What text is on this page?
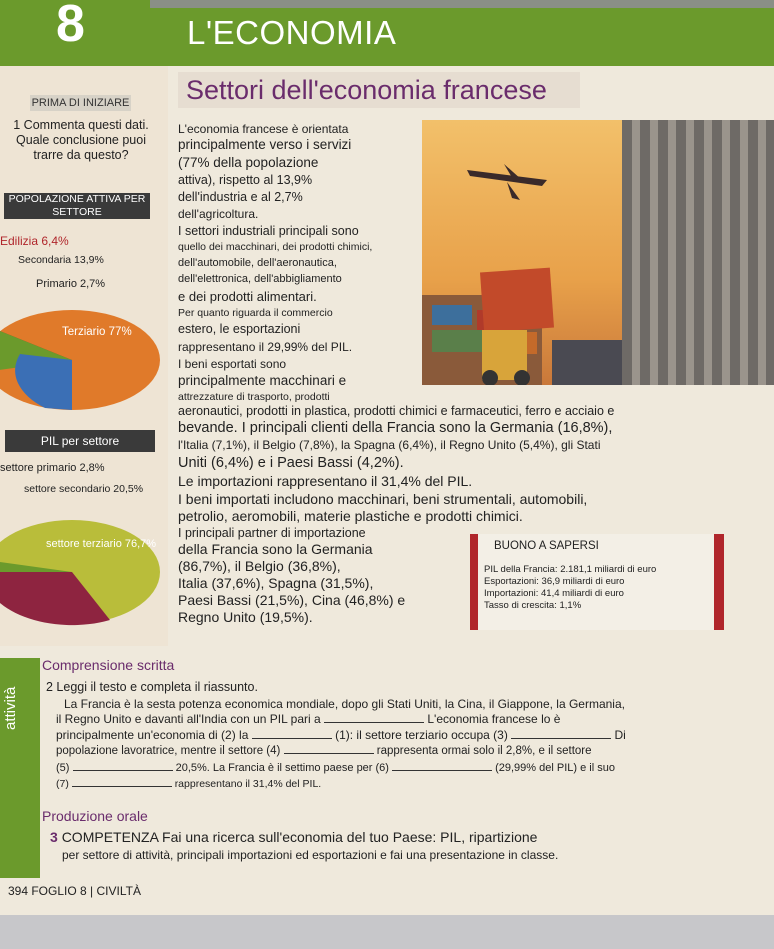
8	L'ECONOMIA
PRIMA DI INIZIARE
1 Commenta questi dati. Quale conclusione puoi trarre da questo?
POPOLAZIONE ATTIVA PER SETTORE
Edilizia 6,4%
Secondaria 13,9%
Primario 2,7%
Terziario 77%
PIL per settore
settore primario 2,8%
settore secondario 20,5%
settore terziario 76,7%
Settori dell'economia francese
L'economia francese è orientata
principalmente verso i servizi
(77% della popolazione
attiva), rispetto al 13,9%
dell'industria e al 2,7%
dell'agricoltura.
I settori industriali principali sono
quello dei macchinari, dei prodotti chimici,
dell'automobile, dell'aeronautica,
dell'elettronica, dell'abbigliamento
e dei prodotti alimentari.
Per quanto riguarda il commercio
estero, le esportazioni
rappresentano il 29,99% del PIL.
I beni esportati sono
principalmente macchinari e
attrezzature di trasporto, prodotti
aeronautici, prodotti in plastica, prodotti chimici e farmaceutici, ferro e acciaio e
bevande. I principali clienti della Francia sono la Germania (16,8%),
l'Italia (7,1%), il Belgio (7,8%), la Spagna (6,4%), il Regno Unito (5,4%), gli Stati
Uniti (6,4%) e i Paesi Bassi (4,2%).
Le importazioni rappresentano il 31,4% del PIL.
I beni importati includono macchinari, beni strumentali, automobili,
petrolio, aeromobili, materie plastiche e prodotti chimici.
I principali partner di importazione
della Francia sono la Germania
(86,7%), il Belgio (36,8%),
Italia (37,6%), Spagna (31,5%),
Paesi Bassi (21,5%), Cina (46,8%) e
Regno Unito (19,5%).
BUONO A SAPERSI
PIL della Francia: 2.181,1 miliardi di euro
Esportazioni: 36,9 miliardi di euro
Importazioni: 41,4 miliardi di euro
Tasso di crescita: 1,1%
attività
Comprensione scritta
2 Leggi il testo e completa il riassunto.
La Francia è la sesta potenza economica mondiale, dopo gli Stati Uniti, la Cina, il Giappone, la Germania,
il Regno Unito e davanti all'India con un PIL pari a	L'economia francese lo è
principalmente un'economia di (2) la	(1): il settore terziario occupa (3)	Di
popolazione lavoratrice, mentre il settore (4)	rappresenta ormai solo il 2,8%, e il settore
(5)	20,5%. La Francia è il settimo paese per (6)	(29,99% del PIL) e il suo
(7)	rappresentano il 31,4% del PIL.
Produzione orale
3 COMPETENZA Fai una ricerca sull'economia del tuo Paese: PIL, ripartizione
per settore di attività, principali importazioni ed esportazioni e fai una presentazione in classe.
394 FOGLIO 8 | CIVILTÀ
